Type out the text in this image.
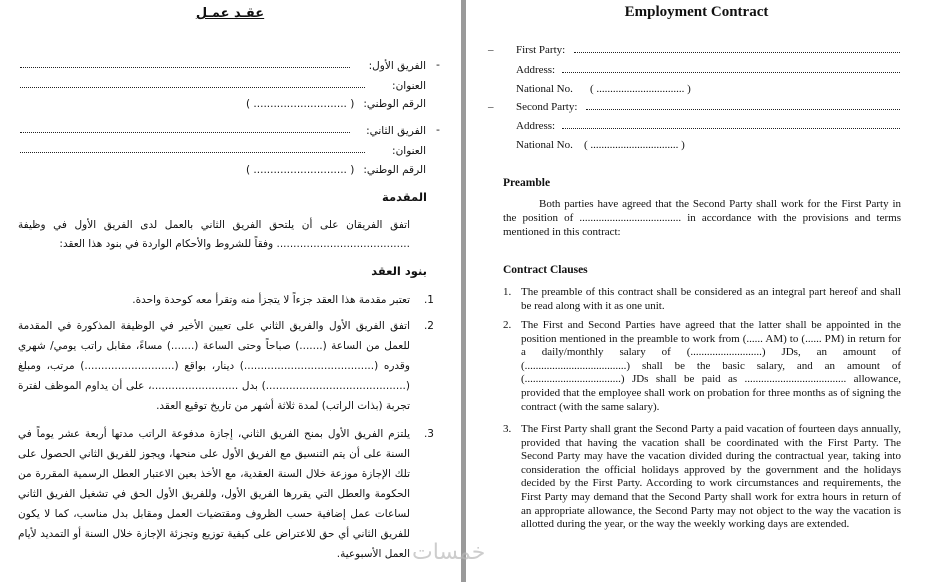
عقـد عمـل
-
الفريق الأول:
العنوان:
الرقم الوطني:
( ............................ )
-
الفريق الثاني:
العنوان:
الرقم الوطني:
( ............................ )
المقدمة
اتفق الفريقان على أن يلتحق الفريق الثاني بالعمل لدى الفريق الأول في وظيفة ........................................ وفقاً للشروط والأحكام الواردة في بنود هذا العقد:
بنود العقد
.1
تعتبر مقدمة هذا العقد جزءاً لا يتجزأ منه وتقرأ معه كوحدة واحدة.
.2
اتفق الفريق الأول والفريق الثاني على تعيين الأخير في الوظيفة المذكورة في المقدمة للعمل من الساعة (.......) صباحاً وحتى الساعة (.......) مساءً، مقابل راتب يومي/ شهري وقدره (.......................................) دينار، بواقع (...........................) مرتب، ومبلغ (..........................................) بدل ..........................، على أن يداوم الموظف لفترة تجربة (بذات الراتب) لمدة ثلاثة أشهر من تاريخ توقيع العقد.
.3
يلتزم الفريق الأول بمنح الفريق الثاني، إجازة مدفوعة الراتب مدتها أربعة عشر يوماً في السنة على أن يتم التنسيق مع الفريق الأول على منحها، ويجوز للفريق الثاني الحصول على تلك الإجازة موزعة خلال السنة العقدية، مع الأخذ بعين الاعتبار العطل الرسمية المقررة من الحكومة والعطل التي يقررها الفريق الأول، وللفريق الأول الحق في تشغيل الفريق الثاني لساعات عمل إضافية حسب الظروف ومقتضيات العمل ومقابل بدل مناسب، كما لا يكون للفريق الثاني أي حق للاعتراض على كيفية توزيع وتجزئة الإجازة خلال السنة أو التمديد لأيام العمل الأسبوعية.
Employment Contract
– First Party:
Address:
National No. ( ................................ )
– Second Party:
Address:
National No. ( ................................ )
Preamble
Both parties have agreed that the Second Party shall work for the First Party in the position of ..................................... in accordance with the provisions and terms mentioned in this contract:
Contract Clauses
1. The preamble of this contract shall be considered as an integral part hereof and shall be read along with it as one unit.
2. The First and Second Parties have agreed that the latter shall be appointed in the position mentioned in the preamble to work from (...... AM) to (...... PM) in return for a daily/monthly salary of (..........................) JDs, an amount of (.....................................) shall be the basic salary, and an amount of (...................................) JDs shall be paid as ..................................... allowance, provided that the employee shall work on probation for three months as of signing the contract (with the same salary).
3. The First Party shall grant the Second Party a paid vacation of fourteen days annually, provided that having the vacation shall be coordinated with the First Party. The Second Party may have the vacation divided during the contractual year, taking into consideration the official holidays approved by the government and the holidays decided by the First Party. According to work circumstances and requirements, the First Party may demand that the Second Party shall work for extra hours in return of an appropriate allowance, the Second Party may not object to the way the vacation is allotted during the year, or the way the weekly working days are extended.
خمسات
